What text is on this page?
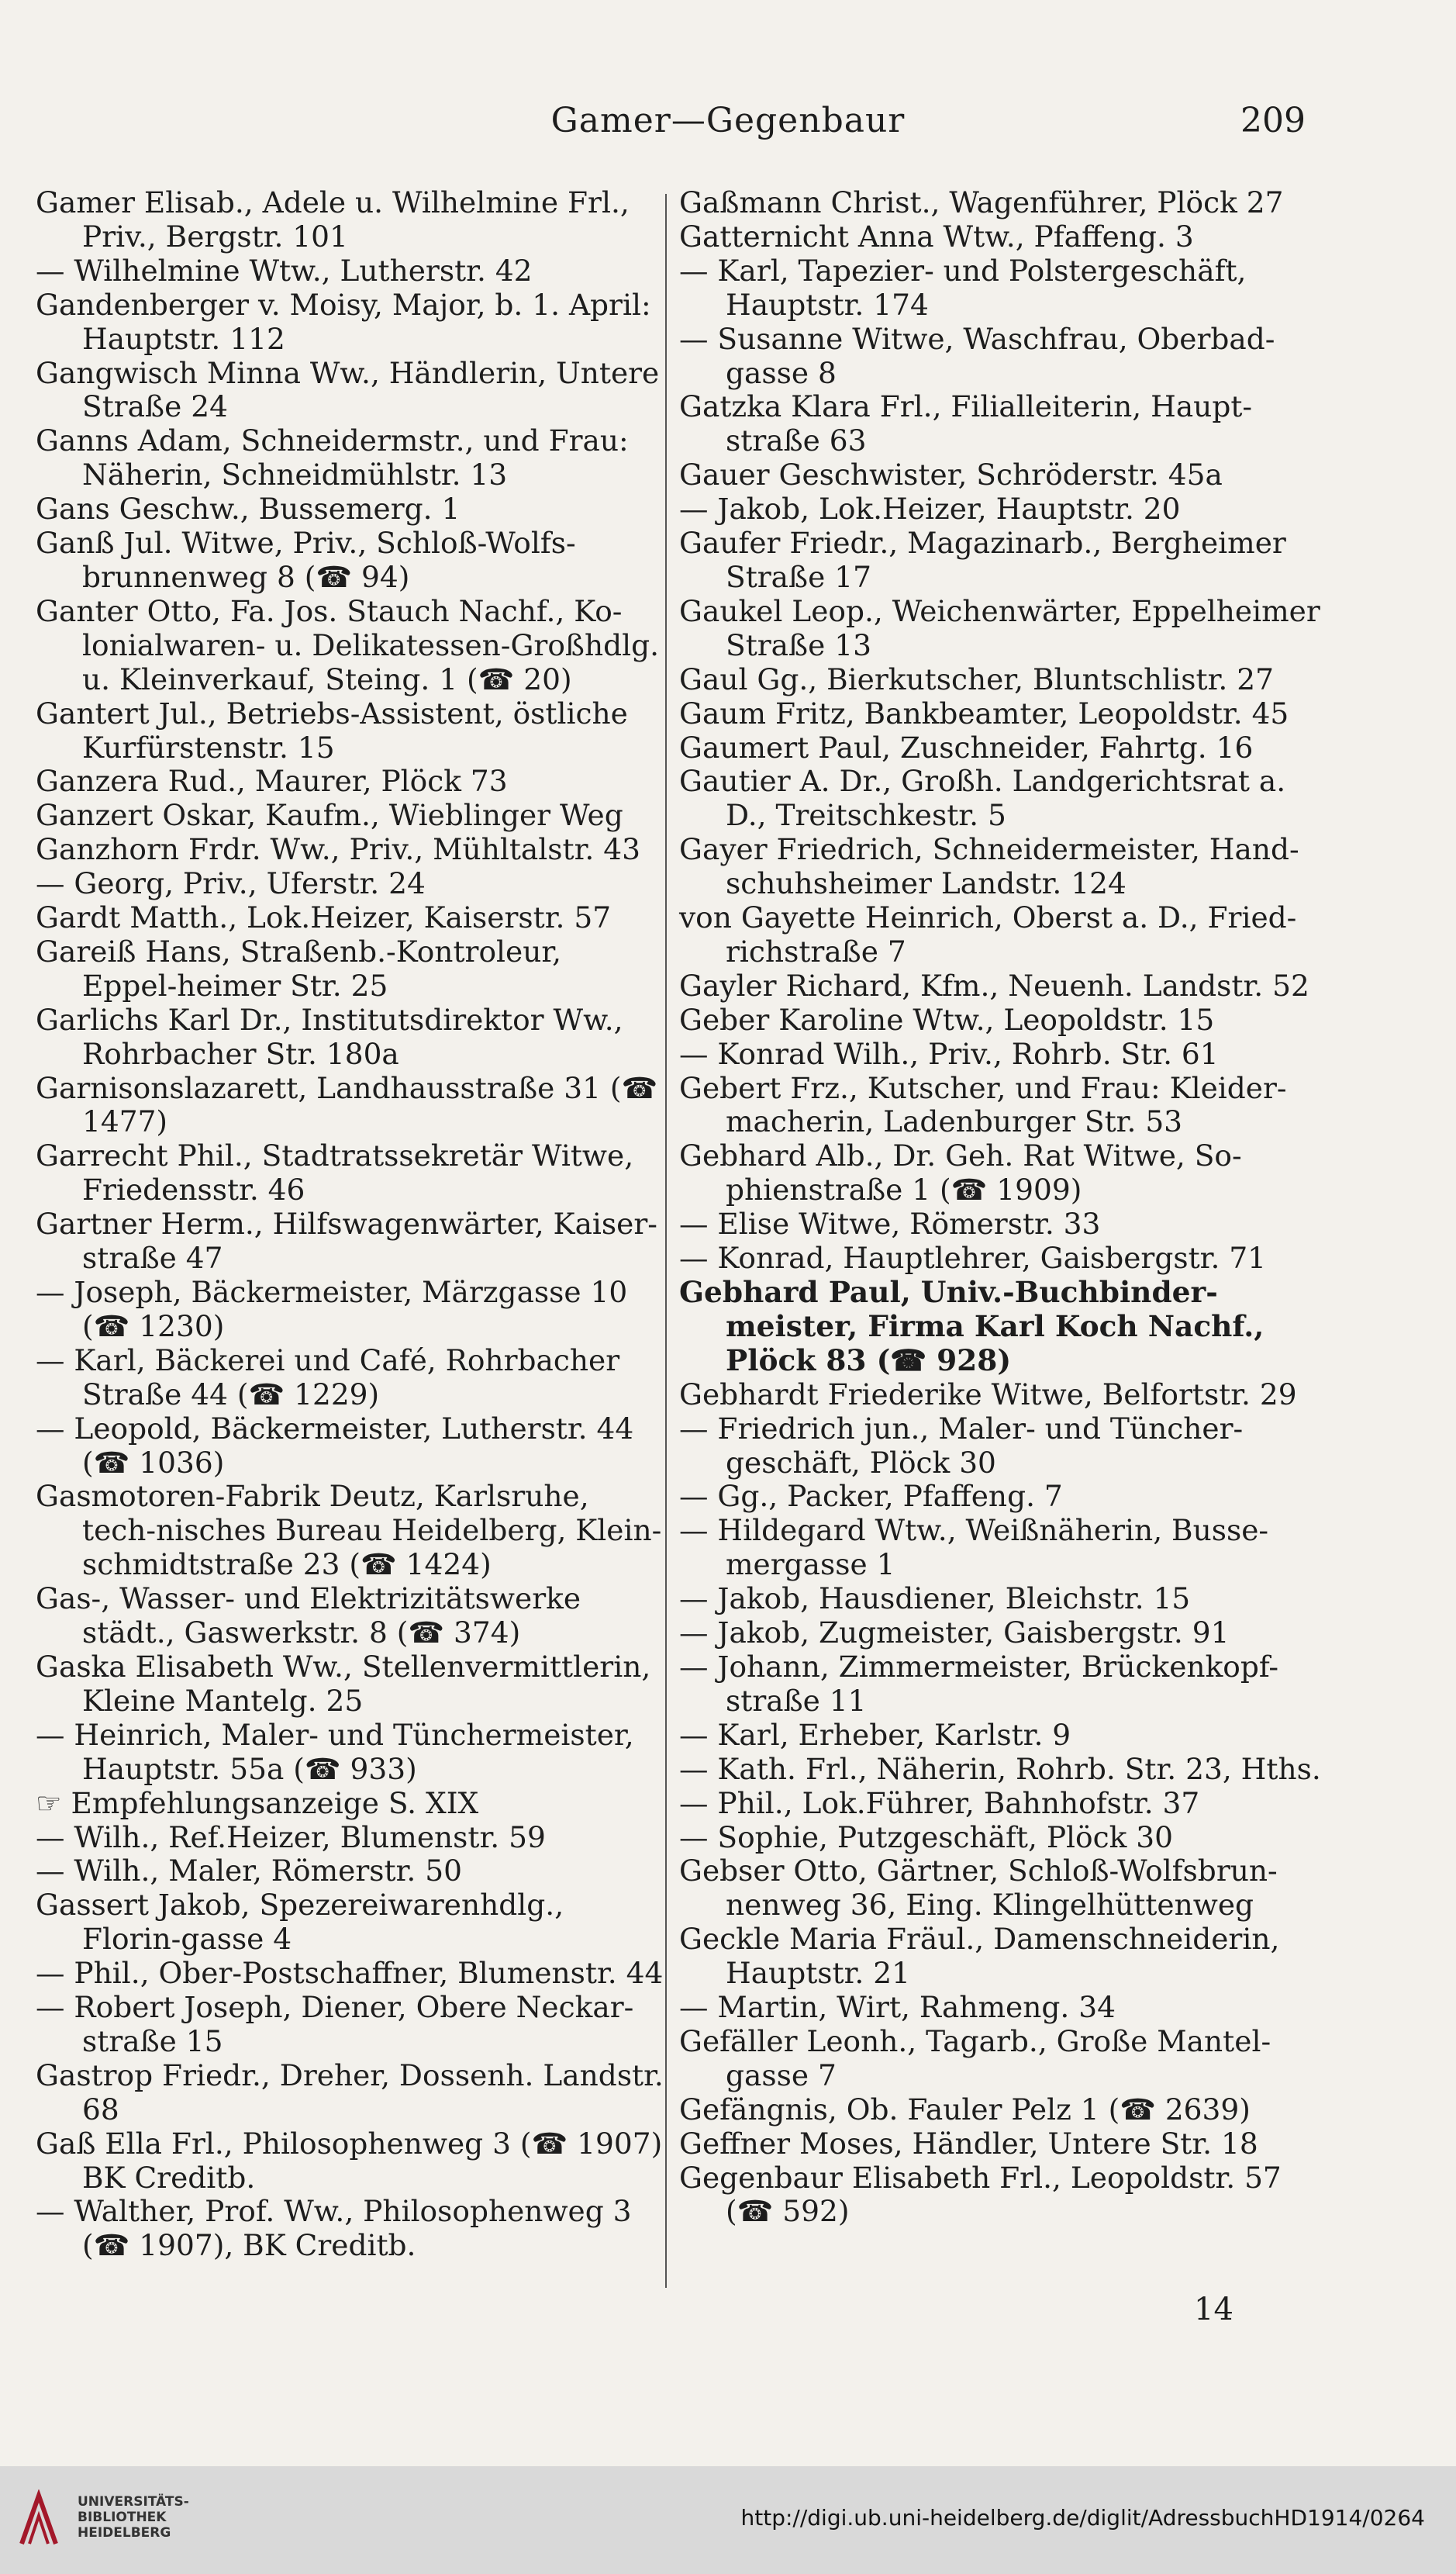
Gamer—Gegenbaur	209
Gamer Elisab., Adele u. Wilhelmine Frl., Priv., Bergstr. 101
— Wilhelmine Wtw., Lutherstr. 42
Gandenberger v. Moisy, Major, b. 1. April: Hauptstr. 112
Gangwisch Minna Ww., Händlerin, Untere Straße 24
Ganns Adam, Schneidermstr., und Frau: Näherin, Schneidmühlstr. 13
Gans Geschw., Bussemerg. 1
Ganß Jul. Witwe, Priv., Schloß-Wolfs-brunnenweg 8 (☎ 94)
Ganter Otto, Fa. Jos. Stauch Nachf., Ko-lonialwaren- u. Delikatessen-Großhdlg. u. Kleinverkauf, Steing. 1 (☎ 20)
Gantert Jul., Betriebs-Assistent, östliche Kurfürstenstr. 15
Ganzera Rud., Maurer, Plöck 73
Ganzert Oskar, Kaufm., Wieblinger Weg
Ganzhorn Frdr. Ww., Priv., Mühltalstr. 43
— Georg, Priv., Uferstr. 24
Gardt Matth., Lok.Heizer, Kaiserstr. 57
Gareiß Hans, Straßenb.-Kontroleur, Eppel-heimer Str. 25
Garlichs Karl Dr., Institutsdirektor Ww., Rohrbacher Str. 180a
Garnisonslazarett, Landhausstraße 31 (☎ 1477)
Garrecht Phil., Stadtratssekretär Witwe, Friedensstr. 46
Gartner Herm., Hilfswagenwärter, Kaiser-straße 47
— Joseph, Bäckermeister, Märzgasse 10 (☎ 1230)
— Karl, Bäckerei und Café, Rohrbacher Straße 44 (☎ 1229)
— Leopold, Bäckermeister, Lutherstr. 44 (☎ 1036)
Gasmotoren-Fabrik Deutz, Karlsruhe, tech-nisches Bureau Heidelberg, Klein-schmidtstraße 23 (☎ 1424)
Gas-, Wasser- und Elektrizitätswerke städt., Gaswerkstr. 8 (☎ 374)
Gaska Elisabeth Ww., Stellenvermittlerin, Kleine Mantelg. 25
— Heinrich, Maler- und Tünchermeister, Hauptstr. 55a (☎ 933)
☞ Empfehlungsanzeige S. XIX
— Wilh., Ref.Heizer, Blumenstr. 59
— Wilh., Maler, Römerstr. 50
Gassert Jakob, Spezereiwarenhdlg., Florin-gasse 4
— Phil., Ober-Postschaffner, Blumenstr. 44
— Robert Joseph, Diener, Obere Neckar-straße 15
Gastrop Friedr., Dreher, Dossenh. Landstr. 68
Gaß Ella Frl., Philosophenweg 3 (☎ 1907) BK Creditb.
— Walther, Prof. Ww., Philosophenweg 3 (☎ 1907), BK Creditb.
Gaßmann Christ., Wagenführer, Plöck 27
Gatternicht Anna Wtw., Pfaffeng. 3
— Karl, Tapezier- und Polstergeschäft, Hauptstr. 174
— Susanne Witwe, Waschfrau, Oberbad-gasse 8
Gatzka Klara Frl., Filialleiterin, Haupt-straße 63
Gauer Geschwister, Schröderstr. 45a
— Jakob, Lok.Heizer, Hauptstr. 20
Gaufer Friedr., Magazinarb., Bergheimer Straße 17
Gaukel Leop., Weichenwärter, Eppelheimer Straße 13
Gaul Gg., Bierkutscher, Bluntschlistr. 27
Gaum Fritz, Bankbeamter, Leopoldstr. 45
Gaumert Paul, Zuschneider, Fahrtg. 16
Gautier A. Dr., Großh. Landgerichtsrat a. D., Treitschkestr. 5
Gayer Friedrich, Schneidermeister, Hand-schuhsheimer Landstr. 124
von Gayette Heinrich, Oberst a. D., Fried-richstraße 7
Gayler Richard, Kfm., Neuenh. Landstr. 52
Geber Karoline Wtw., Leopoldstr. 15
— Konrad Wilh., Priv., Rohrb. Str. 61
Gebert Frz., Kutscher, und Frau: Kleider-macherin, Ladenburger Str. 53
Gebhard Alb., Dr. Geh. Rat Witwe, So-phienstraße 1 (☎ 1909)
— Elise Witwe, Römerstr. 33
— Konrad, Hauptlehrer, Gaisbergstr. 71
Gebhard Paul, Univ.-Buchbinder-meister, Firma Karl Koch Nachf., Plöck 83 (☎ 928)
Gebhardt Friederike Witwe, Belfortstr. 29
— Friedrich jun., Maler- und Tüncher-geschäft, Plöck 30
— Gg., Packer, Pfaffeng. 7
— Hildegard Wtw., Weißnäherin, Busse-mergasse 1
— Jakob, Hausdiener, Bleichstr. 15
— Jakob, Zugmeister, Gaisbergstr. 91
— Johann, Zimmermeister, Brückenkopf-straße 11
— Karl, Erheber, Karlstr. 9
— Kath. Frl., Näherin, Rohrb. Str. 23, Hths.
— Phil., Lok.Führer, Bahnhofstr. 37
— Sophie, Putzgeschäft, Plöck 30
Gebser Otto, Gärtner, Schloß-Wolfsbrun-nenweg 36, Eing. Klingelhüttenweg
Geckle Maria Fräul., Damenschneiderin, Hauptstr. 21
— Martin, Wirt, Rahmeng. 34
Gefäller Leonh., Tagarb., Große Mantel-gasse 7
Gefängnis, Ob. Fauler Pelz 1 (☎ 2639)
Geffner Moses, Händler, Untere Str. 18
Gegenbaur Elisabeth Frl., Leopoldstr. 57 (☎ 592)
14
UNIVERSITÄTS-
BIBLIOTHEK
HEIDELBERG
http://digi.ub.uni-heidelberg.de/diglit/AdressbuchHD1914/0264
